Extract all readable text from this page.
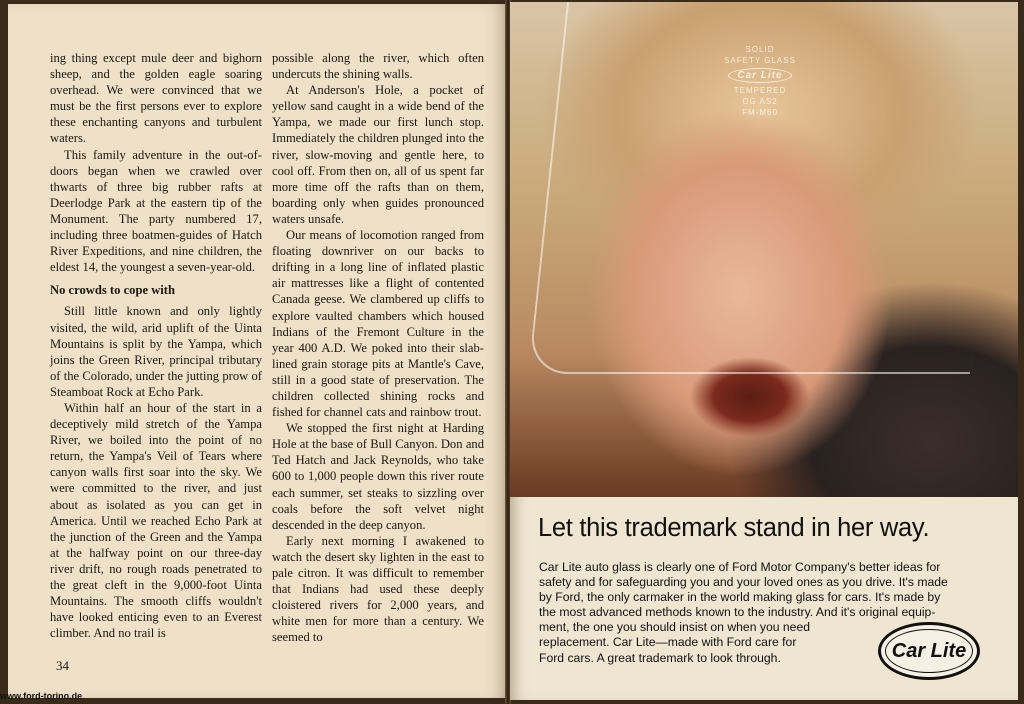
ing thing except mule deer and bighorn sheep, and the golden eagle soaring overhead. We were convinced that we must be the first persons ever to explore these enchanting canyons and turbulent waters.

This family adventure in the out-of-doors began when we crawled over thwarts of three big rubber rafts at Deerlodge Park at the eastern tip of the Monument. The party numbered 17, including three boatmen-guides of Hatch River Expeditions, and nine children, the eldest 14, the youngest a seven-year-old.

No crowds to cope with

Still little known and only lightly visited, the wild, arid uplift of the Uinta Mountains is split by the Yampa, which joins the Green River, principal tributary of the Colorado, under the jutting prow of Steamboat Rock at Echo Park.

Within half an hour of the start in a deceptively mild stretch of the Yampa River, we boiled into the point of no return, the Yampa's Veil of Tears where canyon walls first soar into the sky. We were committed to the river, and just about as isolated as you can get in America. Until we reached Echo Park at the junction of the Green and the Yampa at the halfway point on our three-day river drift, no rough roads penetrated to the great cleft in the 9,000-foot Uinta Mountains. The smooth cliffs wouldn't have looked enticing even to an Everest climber. And no trail is

possible along the river, which often undercuts the shining walls.

At Anderson's Hole, a pocket of yellow sand caught in a wide bend of the Yampa, we made our first lunch stop. Immediately the children plunged into the river, slow-moving and gentle here, to cool off. From then on, all of us spent far more time off the rafts than on them, boarding only when guides pronounced waters unsafe.

Our means of locomotion ranged from floating downriver on our backs to drifting in a long line of inflated plastic air mattresses like a flight of contented Canada geese. We clambered up cliffs to explore vaulted chambers which housed Indians of the Fremont Culture in the year 400 A.D. We poked into their slab-lined grain storage pits at Mantle's Cave, still in a good state of preservation. The children collected shining rocks and fished for channel cats and rainbow trout.

We stopped the first night at Harding Hole at the base of Bull Canyon. Don and Ted Hatch and Jack Reynolds, who take 600 to 1,000 people down this river route each summer, set steaks to sizzling over coals before the soft velvet night descended in the deep canyon.

Early next morning I awakened to watch the desert sky lighten in the east to pale citron. It was difficult to remember that Indians had used these deeply cloistered rivers for 2,000 years, and white men for more than a century. We seemed to

34
SOLID
SAFETY GLASS
Car Lite
TEMPERED
OG AS2
FM-M60
Let this trademark stand in her way.
Car Lite auto glass is clearly one of Ford Motor Company's better ideas for
safety and for safeguarding you and your loved ones as you drive. It's made
by Ford, the only carmaker in the world making glass for cars. It's made by
the most advanced methods known to the industry. And it's original equip-
ment, the one you should insist on when you need
replacement. Car Lite—made with Ford care for
Ford cars. A great trademark to look through.	Car Lite
www.ford-torino.de
